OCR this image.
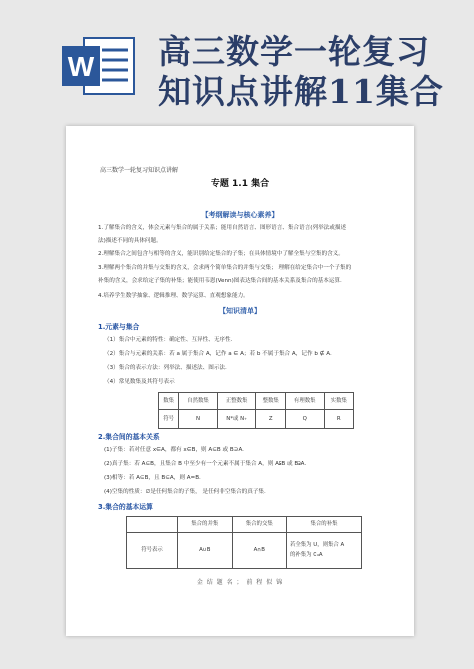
W 高三数学一轮复习
知识点讲解11集合
高三数学一轮复习知识点讲解
专题 1.1 集合
【考纲解读与核心素养】
1.了解集合的含义，体会元素与集合的属于关系；能用自然语言、图形语言、集合语言(列举法或描述
法)描述不同的具体问题。
2.理解集合之间包含与相等的含义，能识别给定集合的子集；在具体情境中了解全集与空集的含义。
3.理解两个集合的并集与交集的含义，会求两个简单集合的并集与交集； 理解在给定集合中一个子集的
补集的含义，会求给定子集的补集；能使用韦恩(Venn)图表达集合间的基本关系及集合的基本运算.
4.培养学生数学抽象、逻辑推理、数学运算、直观想象能力。
【知识清单】
1.元素与集合
（1）集合中元素的特性：确定性、互异性、无序性.
（2）集合与元素的关系：若 a 属于集合 A，记作 a ∈ A；若 b 不属于集合 A，记作 b ∉ A.
（3）集合的表示方法：列举法、描述法、图示法.
（4）常见数集及其符号表示
数集	自然数集	正整数集	整数集	有理数集	实数集
符号	N	N*或 N₊	Z	Q	R
2.集合间的基本关系
(1)子集：若对任意 x∈A，都有 x∈B，则 A⊆B 或 B⊇A.
(2)真子集：若 A⊆B，且集合 B 中至少有一个元素不属于集合 A，则 A⫋B 或 B⫌A.
(3)相等：若 A⊆B，且 B⊆A，则 A=B.
(4)空集的性质：∅是任何集合的子集， 是任何非空集合的真子集.
3.集合的基本运算
	集合的并集	集合的交集	集合的补集
符号表示	A∪B	A∩B	若全集为 U，则集合 A
的补集为 ∁ᵤA
金 结 题 名 ； 前 程 似 锦
